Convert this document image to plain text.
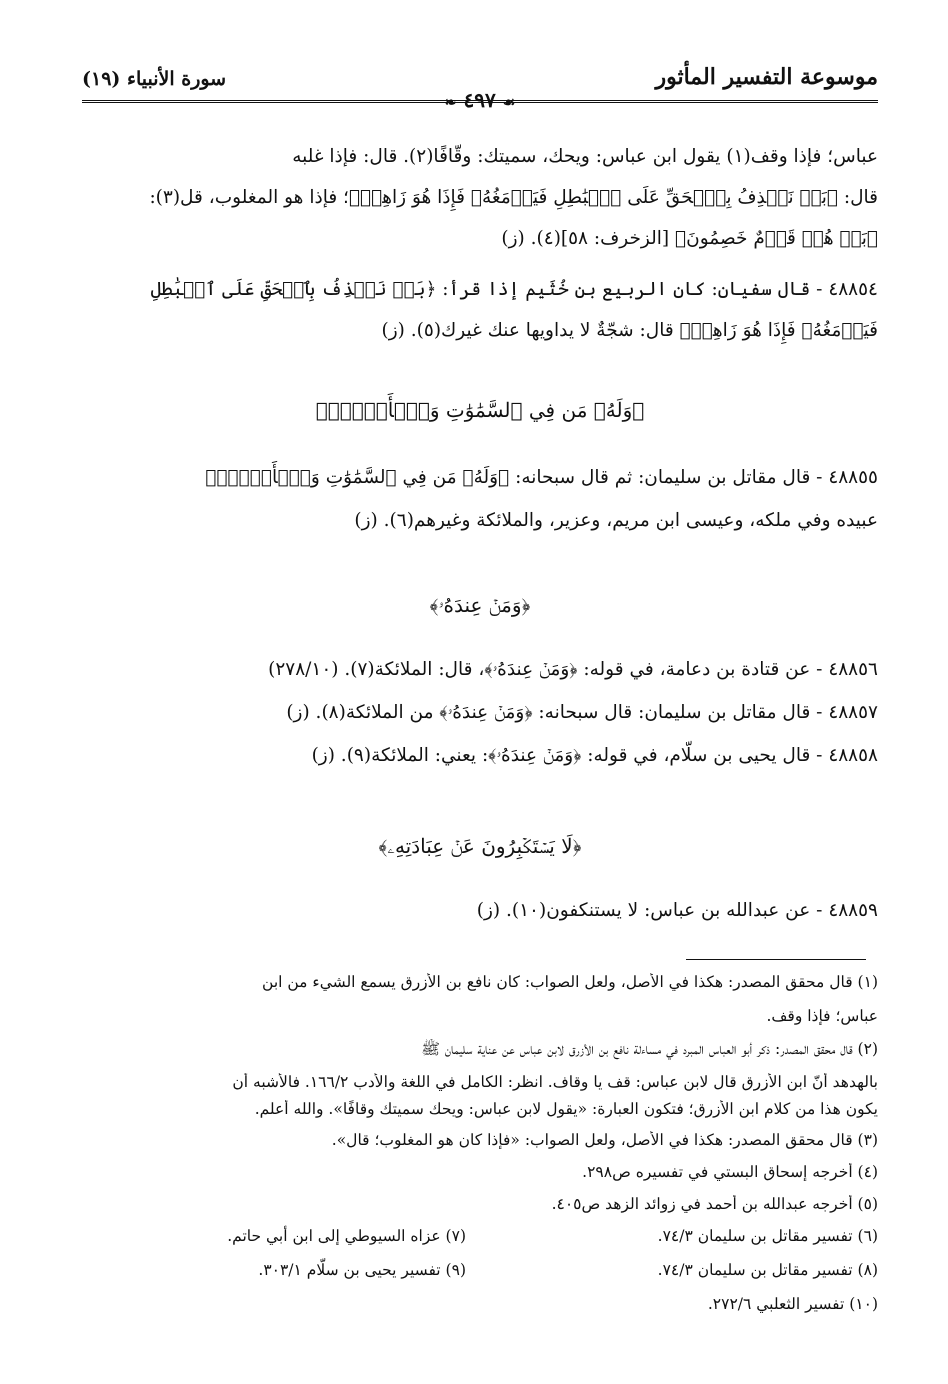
موسوعة التفسير المأثور
سورة الأنبياء (١٩)
❧ ٤٩٧ ☙
عباس؛ فإذا وقف(١) يقول ابن عباس: ويحك، سميتك: وقّافًا(٢). قال: فإذا غلبه
قال: ﴿بَلۡ نَقۡذِفُ بِٱلۡحَقِّ عَلَى ٱلۡبَٰطِلِ فَيَدۡمَغُهُۥ فَإِذَا هُوَ زَاهِقٞ﴾؛ فإذا هو المغلوب، قل(٣):
﴿بَلۡ هُمۡ قَوۡمٌ خَصِمُونَ﴾ [الزخرف: ٥٨](٤). (ز)
٤٨٨٥٤ - قال سفيان: كان الربيع بن خُثَيم إذا قرأ: ﴿بَلۡ نَقۡذِفُ بِٱلۡحَقِّ عَلَى ٱلۡبَٰطِلِ
فَيَدۡمَغُهُۥ فَإِذَا هُوَ زَاهِقٞ﴾ قال: شجّةٌ لا يداويها عنك غيرك(٥). (ز)
﴿وَلَهُۥ مَن فِي ٱلسَّمَٰوَٰتِ وَٱلۡأَرۡضِۚ﴾
٤٨٨٥٥ - قال مقاتل بن سليمان: ثم قال سبحانه: ﴿وَلَهُۥ مَن فِي ٱلسَّمَٰوَٰتِ وَٱلۡأَرۡضِۚ﴾
عبيده وفي ملكه، وعيسى ابن مريم، وعزير، والملائكة وغيرهم(٦). (ز)
﴿وَمَنۡ عِندَهُۥ﴾
٤٨٨٥٦ - عن قتادة بن دعامة، في قوله: ﴿وَمَنۡ عِندَهُۥ﴾، قال: الملائكة(٧). (٢٧٨/١٠)
٤٨٨٥٧ - قال مقاتل بن سليمان: قال سبحانه: ﴿وَمَنۡ عِندَهُۥ﴾ من الملائكة(٨). (ز)
٤٨٨٥٨ - قال يحيى بن سلّام، في قوله: ﴿وَمَنۡ عِندَهُۥ﴾: يعني: الملائكة(٩). (ز)
﴿لَا يَسۡتَكۡبِرُونَ عَنۡ عِبَادَتِهِۦ﴾
٤٨٨٥٩ - عن عبدالله بن عباس: لا يستنكفون(١٠). (ز)
(١) قال محقق المصدر: هكذا في الأصل، ولعل الصواب: كان نافع بن الأزرق يسمع الشيء من ابن
عباس؛ فإذا وقف.
(٢) قال محقق المصدر: ذكر أبو العباس المبرد في مساءلة نافع بن الأزرق لابن عباس عن عناية سليمان ﷺ
بالهدهد أنّ ابن الأزرق قال لابن عباس: قف يا وقاف. انظر: الكامل في اللغة والأدب ١٦٦/٢. فالأشبه أن
يكون هذا من كلام ابن الأزرق؛ فتكون العبارة: «يقول لابن عباس: ويحك سميتك وقافًا». والله أعلم.
(٣) قال محقق المصدر: هكذا في الأصل، ولعل الصواب: «فإذا كان هو المغلوب؛ قال».
(٤) أخرجه إسحاق البستي في تفسيره ص٢٩٨.
(٥) أخرجه عبدالله بن أحمد في زوائد الزهد ص٤٠٥.
(٦) تفسير مقاتل بن سليمان ٧٤/٣.
(٧) عزاه السيوطي إلى ابن أبي حاتم.
(٨) تفسير مقاتل بن سليمان ٧٤/٣.
(٩) تفسير يحيى بن سلّام ٣٠٣/١.
(١٠) تفسير الثعلبي ٢٧٢/٦.
